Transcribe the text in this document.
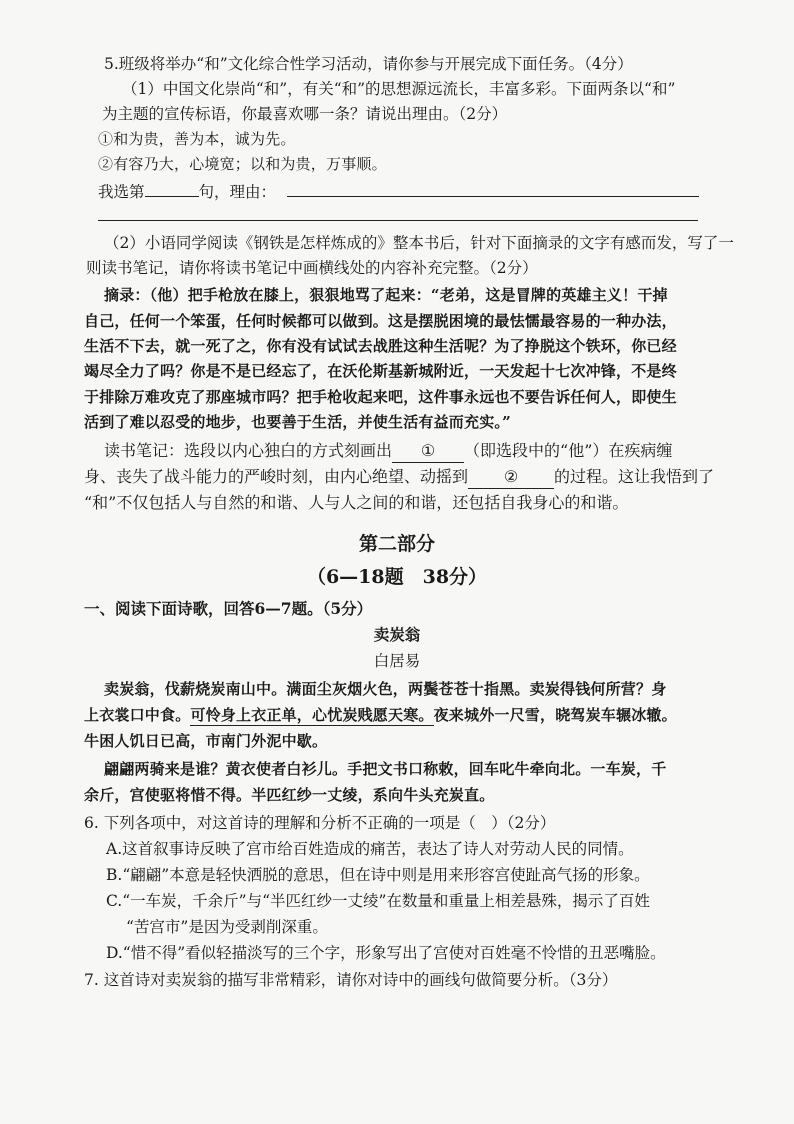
5.班级将举办“和”文化综合性学习活动，请你参与开展完成下面任务。（4分）
（1）中国文化崇尚“和”，有关“和”的思想源远流长，丰富多彩。下面两条以“和”
为主题的宣传标语，你最喜欢哪一条？请说出理由。（2分）
①和为贵，善为本，诚为先。
②有容乃大，心境宽；以和为贵，万事顺。
我选第	句，理由：
（2）小语同学阅读《钢铁是怎样炼成的》整本书后，针对下面摘录的文字有感而发，写了一
则读书笔记，请你将读书笔记中画横线处的内容补充完整。（2分）
摘录：（他）把手枪放在膝上，狠狠地骂了起来：“老弟，这是冒牌的英雄主义！干掉
自己，任何一个笨蛋，任何时候都可以做到。这是摆脱困境的最怯懦最容易的一种办法，
生活不下去，就一死了之，你有没有试试去战胜这种生活呢？为了挣脱这个铁环，你已经
竭尽全力了吗？你是不是已经忘了，在沃伦斯基新城附近，一天发起十七次冲锋，不是终
于排除万难攻克了那座城市吗？把手枪收起来吧，这件事永远也不要告诉任何人，即使生
活到了难以忍受的地步，也要善于生活，并使生活有益而充实。”
读书笔记：选段以内心独白的方式刻画出 ① （即选段中的“他”）在疾病缠
身、丧失了战斗能力的严峻时刻，由内心绝望、动摇到 ② 的过程。这让我悟到了
“和”不仅包括人与自然的和谐、人与人之间的和谐，还包括自我身心的和谐。
第二部分
（6—18题　38分）
一、阅读下面诗歌，回答6—7题。（5分）
卖炭翁
白居易
卖炭翁，伐薪烧炭南山中。满面尘灰烟火色，两鬓苍苍十指黑。卖炭得钱何所营？身
上衣裳口中食。可怜身上衣正单，心忧炭贱愿天寒。夜来城外一尺雪，晓驾炭车辗冰辙。
牛困人饥日已高，市南门外泥中歇。
翩翩两骑来是谁？黄衣使者白衫儿。手把文书口称敕，回车叱牛牵向北。一车炭，千
余斤，宫使驱将惜不得。半匹红纱一丈绫，系向牛头充炭直。
6. 下列各项中，对这首诗的理解和分析不正确的一项是（　）（2分）
A.这首叙事诗反映了宫市给百姓造成的痛苦，表达了诗人对劳动人民的同情。
B.“翩翩”本意是轻快洒脱的意思，但在诗中则是用来形容宫使趾高气扬的形象。
C.“一车炭，千余斤”与“半匹红纱一丈绫”在数量和重量上相差悬殊，揭示了百姓
“苦宫市”是因为受剥削深重。
D.“惜不得”看似轻描淡写的三个字，形象写出了宫使对百姓毫不怜惜的丑恶嘴脸。
7. 这首诗对卖炭翁的描写非常精彩，请你对诗中的画线句做简要分析。（3分）
